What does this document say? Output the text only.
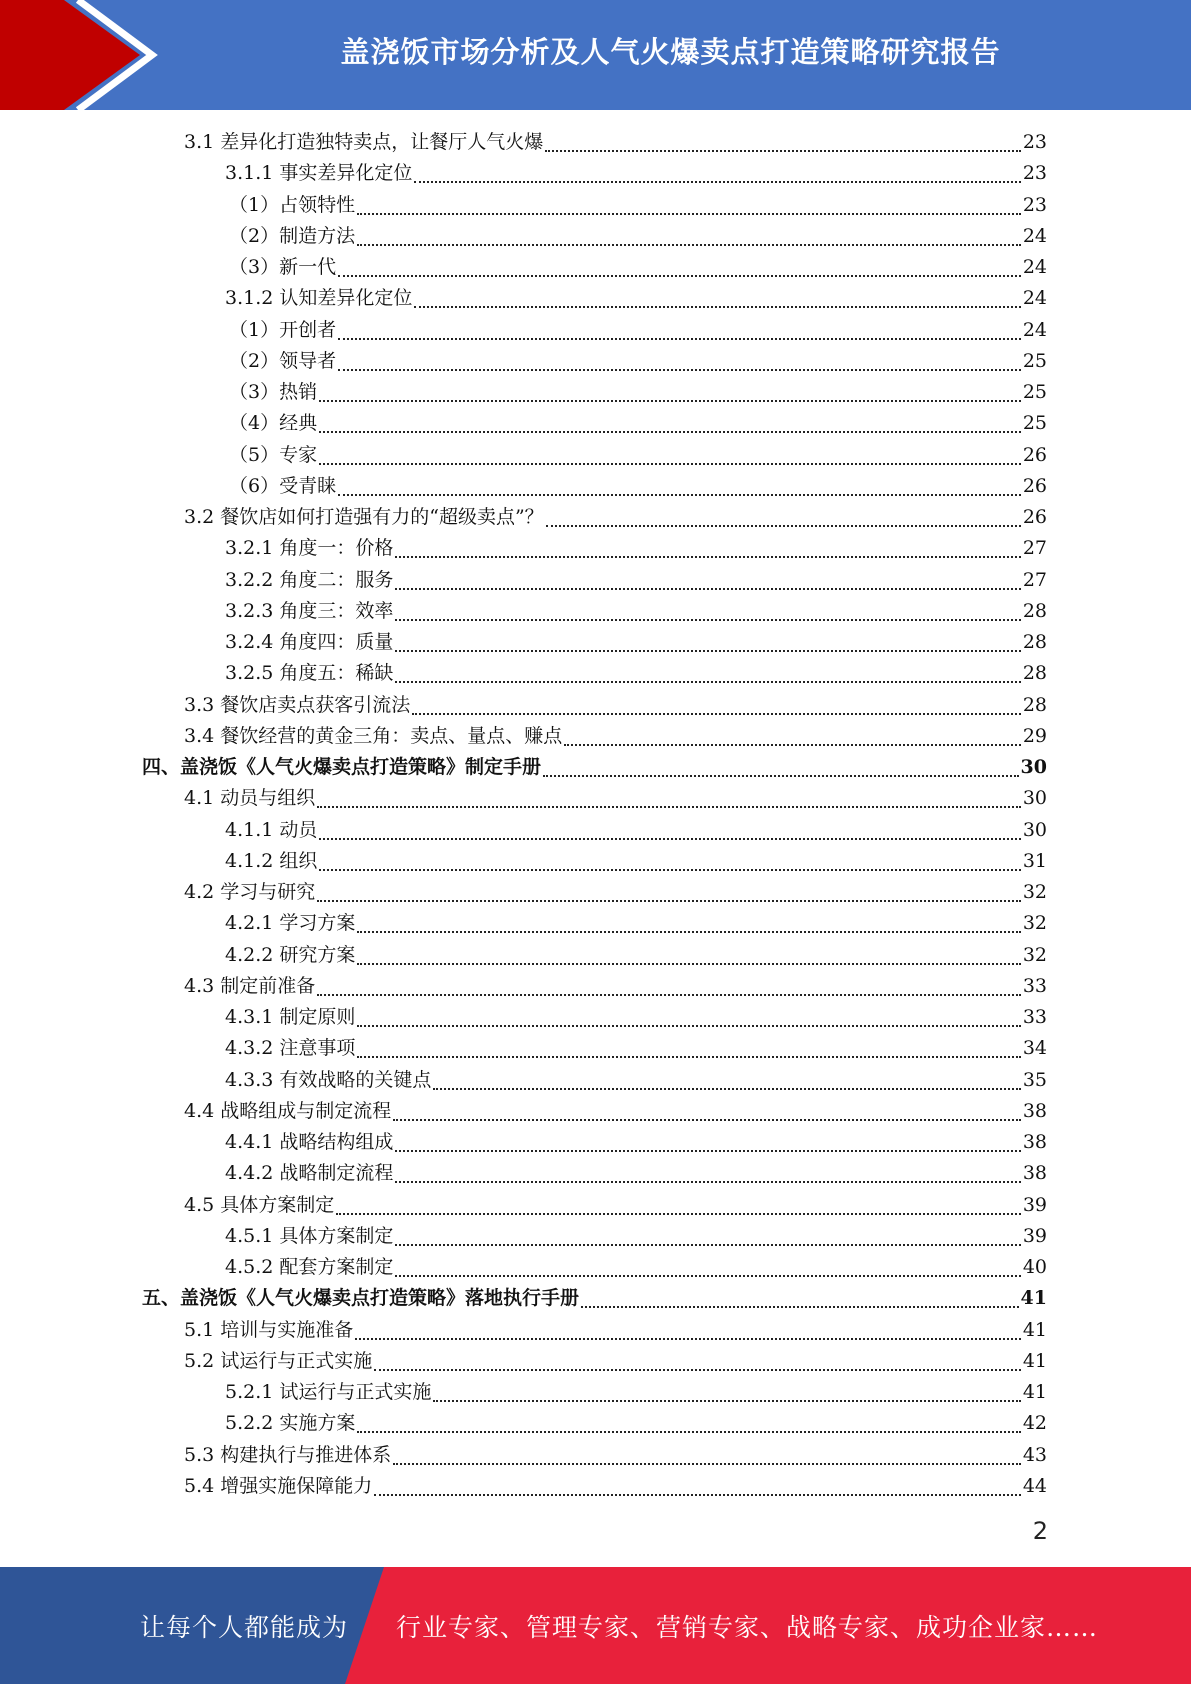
盖浇饭市场分析及人气火爆卖点打造策略研究报告
3.1 差异化打造独特卖点，让餐厅人气火爆	23
3.1.1 事实差异化定位	23
（1）占领特性	23
（2）制造方法	24
（3）新一代	24
3.1.2 认知差异化定位	24
（1）开创者	24
（2）领导者	25
（3）热销	25
（4）经典	25
（5）专家	26
（6）受青睐	26
3.2 餐饮店如何打造强有力的“超级卖点”？	26
3.2.1 角度一：价格	27
3.2.2 角度二：服务	27
3.2.3 角度三：效率	28
3.2.4 角度四：质量	28
3.2.5 角度五：稀缺	28
3.3 餐饮店卖点获客引流法	28
3.4 餐饮经营的黄金三角：卖点、量点、赚点	29
四、盖浇饭《人气火爆卖点打造策略》制定手册	30
4.1 动员与组织	30
4.1.1 动员	30
4.1.2 组织	31
4.2 学习与研究	32
4.2.1 学习方案	32
4.2.2 研究方案	32
4.3 制定前准备	33
4.3.1 制定原则	33
4.3.2 注意事项	34
4.3.3 有效战略的关键点	35
4.4 战略组成与制定流程	38
4.4.1 战略结构组成	38
4.4.2 战略制定流程	38
4.5 具体方案制定	39
4.5.1 具体方案制定	39
4.5.2 配套方案制定	40
五、盖浇饭《人气火爆卖点打造策略》落地执行手册	41
5.1 培训与实施准备	41
5.2 试运行与正式实施	41
5.2.1 试运行与正式实施	41
5.2.2 实施方案	42
5.3 构建执行与推进体系	43
5.4 增强实施保障能力	44
2
让每个人都能成为 行业专家、管理专家、营销专家、战略专家、成功企业家……
